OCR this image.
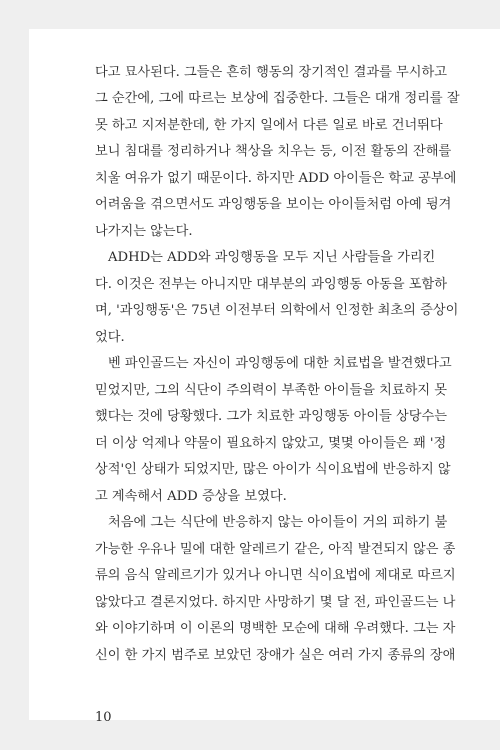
다고 묘사된다. 그들은 흔히 행동의 장기적인 결과를 무시하고

그 순간에, 그에 따르는 보상에 집중한다. 그들은 대개 정리를 잘

못 하고 지저분한데, 한 가지 일에서 다른 일로 바로 건너뛰다

보니 침대를 정리하거나 책상을 치우는 등, 이전 활동의 잔해를

치울 여유가 없기 때문이다. 하지만 ADD 아이들은 학교 공부에

어려움을 겪으면서도 과잉행동을 보이는 아이들처럼 아예 뒹겨

나가지는 않는다.

ADHD는 ADD와 과잉행동을 모두 지닌 사람들을 가리킨

다. 이것은 전부는 아니지만 대부분의 과잉행동 아동을 포함하

며, '과잉행동'은 75년 이전부터 의학에서 인정한 최초의 증상이

었다.

벤 파인골드는 자신이 과잉행동에 대한 치료법을 발견했다고

믿었지만, 그의 식단이 주의력이 부족한 아이들을 치료하지 못

했다는 것에 당황했다. 그가 치료한 과잉행동 아이들 상당수는

더 이상 억제나 약물이 필요하지 않았고, 몇몇 아이들은 꽤 '정

상적'인 상태가 되었지만, 많은 아이가 식이요법에 반응하지 않

고 계속해서 ADD 증상을 보였다.

처음에 그는 식단에 반응하지 않는 아이들이 거의 피하기 불

가능한 우유나 밀에 대한 알레르기 같은, 아직 발견되지 않은 종

류의 음식 알레르기가 있거나 아니면 식이요법에 제대로 따르지

않았다고 결론지었다. 하지만 사망하기 몇 달 전, 파인골드는 나

와 이야기하며 이 이론의 명백한 모순에 대해 우려했다. 그는 자

신이 한 가지 범주로 보았던 장애가 실은 여러 가지 종류의 장애

10
